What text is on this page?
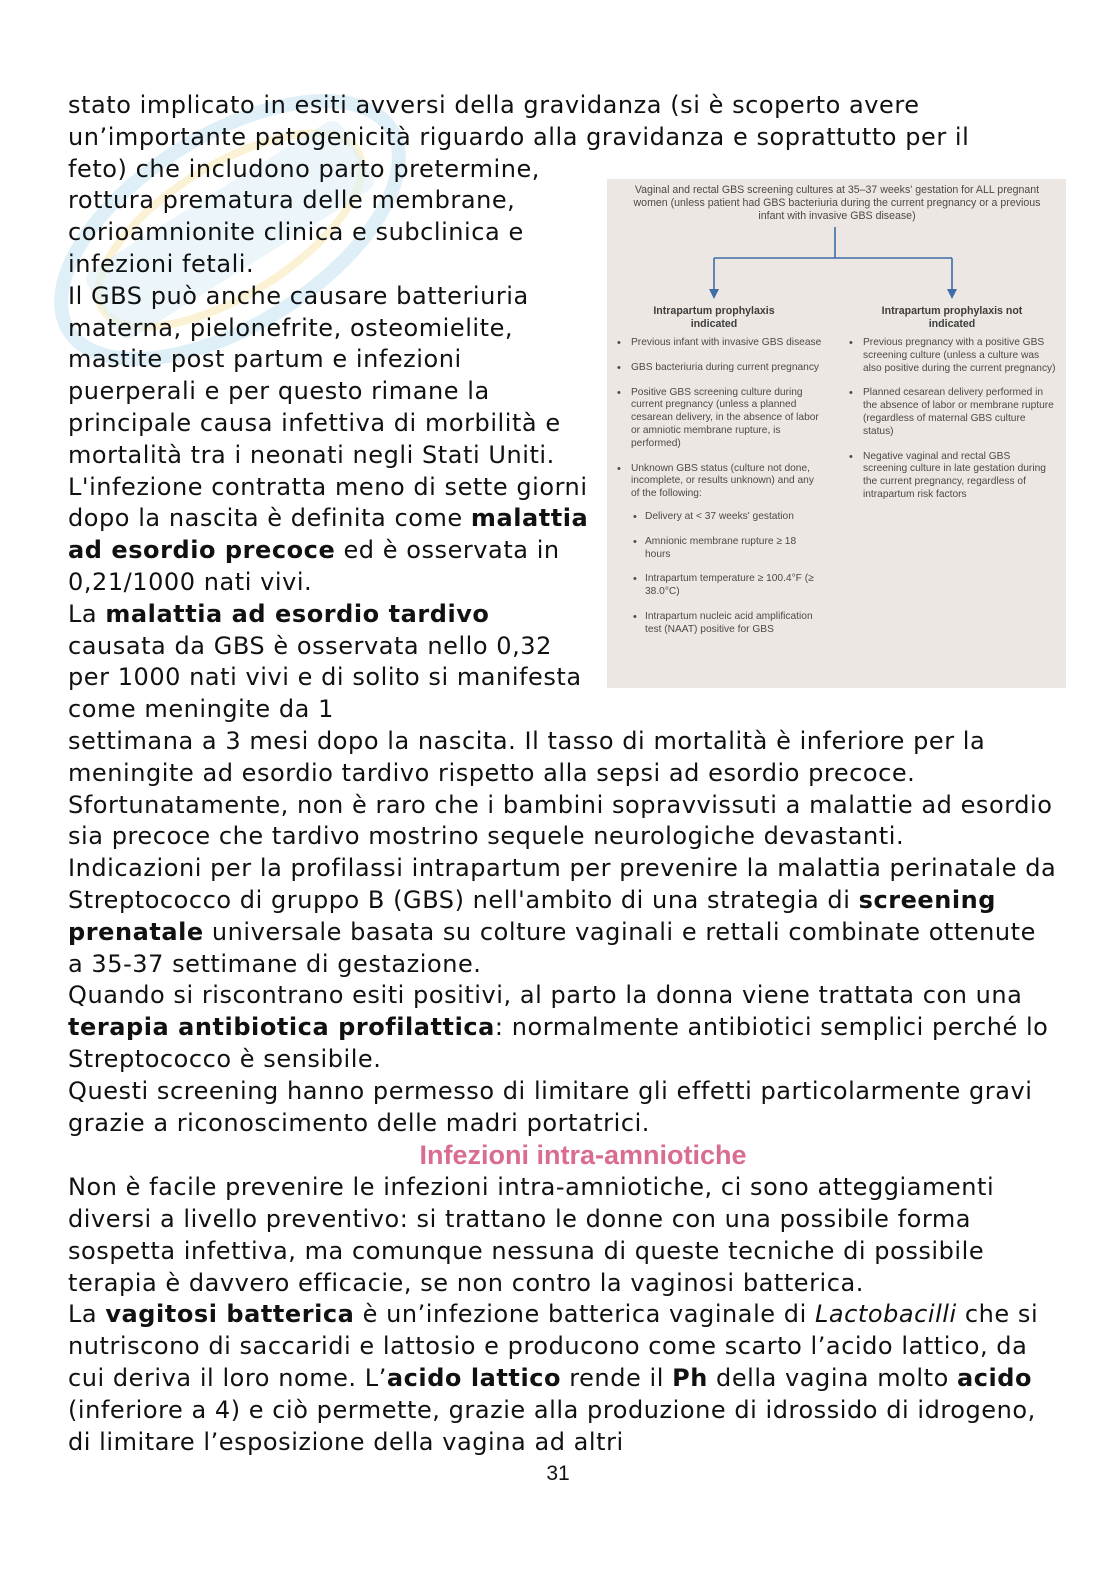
stato implicato in esiti avversi della gravidanza (si è scoperto avere

un’importante patogenicità riguardo alla gravidanza e soprattutto per il

feto) che includono parto pretermine, rottura prematura delle membrane, corioamnionite clinica e subclinica e infezioni fetali.

Il GBS può anche causare batteriuria materna, pielonefrite, osteomielite, mastite post partum e infezioni puerperali e per questo rimane la principale causa infettiva di morbilità e mortalità tra i neonati negli Stati Uniti.

L'infezione contratta meno di sette giorni dopo la nascita è definita come malattia ad esordio precoce ed è osservata in 0,21/1000 nati vivi.

La malattia ad esordio tardivo causata da GBS è osservata nello 0,32 per 1000 nati vivi e di solito si manifesta come meningite da 1

settimana a 3 mesi dopo la nascita. Il tasso di mortalità è inferiore per la meningite ad esordio tardivo rispetto alla sepsi ad esordio precoce. Sfortunatamente, non è raro che i bambini sopravvissuti a malattie ad esordio sia precoce che tardivo mostrino sequele neurologiche devastanti.

Indicazioni per la profilassi intrapartum per prevenire la malattia perinatale da Streptococco di gruppo B (GBS) nell'ambito di una strategia di screening prenatale universale basata su colture vaginali e rettali combinate ottenute a 35-37 settimane di gestazione.

Quando si riscontrano esiti positivi, al parto la donna viene trattata con una terapia antibiotica profilattica: normalmente antibiotici semplici perché lo Streptococco è sensibile.

Questi screening hanno permesso di limitare gli effetti particolarmente gravi grazie a riconoscimento delle madri portatrici.

Infezioni intra-amniotiche

Non è facile prevenire le infezioni intra-amniotiche, ci sono atteggiamenti diversi a livello preventivo: si trattano le donne con una possibile forma sospetta infettiva, ma comunque nessuna di queste tecniche di possibile terapia è davvero efficacie, se non contro la vaginosi batterica.

La vagitosi batterica è un’infezione batterica vaginale di Lactobacilli che si nutriscono di saccaridi e lattosio e producono come scarto l’acido lattico, da cui deriva il loro nome. L’acido lattico rende il Ph della vagina molto acido (inferiore a 4) e ciò permette, grazie alla produzione di idrossido di idrogeno, di limitare l’esposizione della vagina ad altri

Vaginal and rectal GBS screening cultures at 35–37 weeks' gestation for ALL pregnant women (unless patient had GBS bacteriuria during the current pregnancy or a previous infant with invasive GBS disease)
Intrapartum prophylaxis indicated
Intrapartum prophylaxis not indicated
• Previous infant with invasive GBS disease
• GBS bacteriuria during current pregnancy
• Positive GBS screening culture during current pregnancy (unless a planned cesarean delivery, in the absence of labor or amniotic membrane rupture, is performed)
• Unknown GBS status (culture not done, incomplete, or results unknown) and any of the following:
• Delivery at < 37 weeks' gestation
• Amnionic membrane rupture ≥ 18 hours
• Intrapartum temperature ≥ 100.4°F (≥ 38.0°C)
• Intrapartum nucleic acid amplification test (NAAT) positive for GBS
• Previous pregnancy with a positive GBS screening culture (unless a culture was also positive during the current pregnancy)
• Planned cesarean delivery performed in the absence of labor or membrane rupture (regardless of maternal GBS culture status)
• Negative vaginal and rectal GBS screening culture in late gestation during the current pregnancy, regardless of intrapartum risk factors
31
